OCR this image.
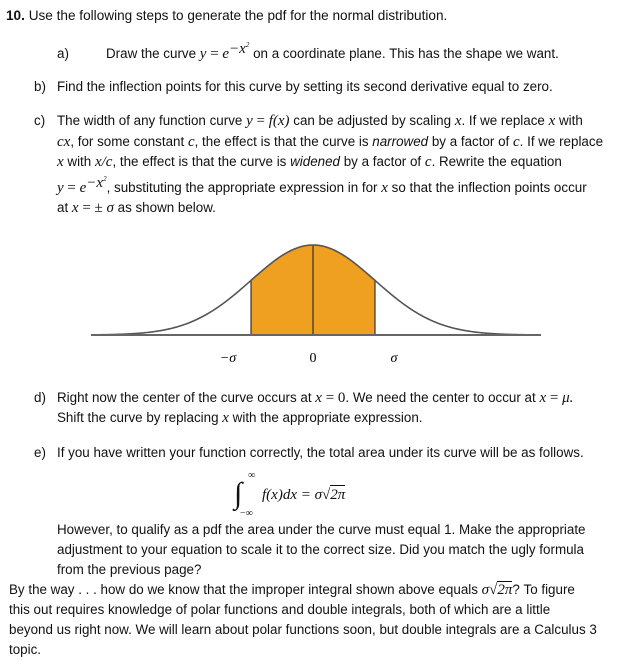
10. Use the following steps to generate the pdf for the normal distribution.
a)	Draw the curve $y = e^{-x^2}$ on a coordinate plane. This has the shape we want.
b) Find the inflection points for this curve by setting its second derivative equal to zero.
c) The width of any function curve y = f(x) can be adjusted by scaling x. If we replace x with
cx, for some constant c, the effect is that the curve is narrowed by a factor of c. If we replace
x with x/c, the effect is that the curve is widened by a factor of c. Rewrite the equation
$y = e^{-x^2}$, substituting the appropriate expression in for x so that the inflection points occur
at x = ± σ as shown below.
−σ	0	σ
d) Right now the center of the curve occurs at x = 0. We need the center to occur at x = μ.
Shift the curve by replacing x with the appropriate expression.
e) If you have written your function correctly, the total area under its curve will be as follows.
∫
∞
−∞
f(x)dx = σ√2π
However, to qualify as a pdf the area under the curve must equal 1. Make the appropriate
adjustment to your equation to scale it to the correct size. Did you match the ugly formula
from the previous page?
By the way . . . how do we know that the improper integral shown above equals σ√2π? To figure
this out requires knowledge of polar functions and double integrals, both of which are a little
beyond us right now. We will learn about polar functions soon, but double integrals are a Calculus 3
topic.
